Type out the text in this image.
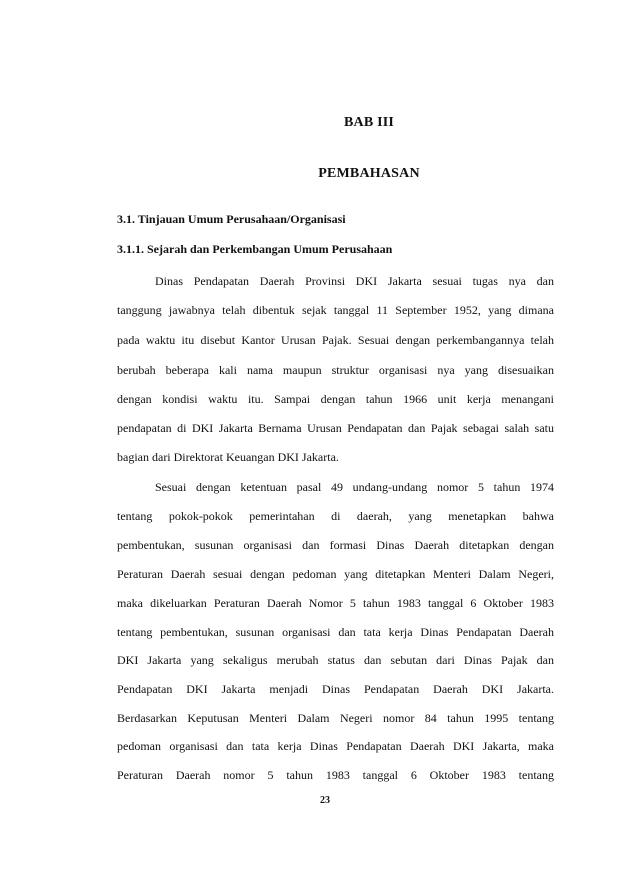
BAB III
PEMBAHASAN
3.1. Tinjauan Umum Perusahaan/Organisasi
3.1.1. Sejarah dan Perkembangan Umum Perusahaan
Dinas Pendapatan Daerah Provinsi DKI Jakarta sesuai tugas nya dan
tanggung jawabnya telah dibentuk sejak tanggal 11 September 1952, yang dimana
pada waktu itu disebut Kantor Urusan Pajak. Sesuai dengan perkembangannya telah
berubah beberapa kali nama maupun struktur organisasi nya yang disesuaikan
dengan kondisi waktu itu. Sampai dengan tahun 1966 unit kerja menangani
pendapatan di DKI Jakarta Bernama Urusan Pendapatan dan Pajak sebagai salah satu
bagian dari Direktorat Keuangan DKI Jakarta.
Sesuai dengan ketentuan pasal 49 undang-undang nomor 5 tahun 1974
tentang pokok-pokok pemerintahan di daerah, yang menetapkan bahwa
pembentukan, susunan organisasi dan formasi Dinas Daerah ditetapkan dengan
Peraturan Daerah sesuai dengan pedoman yang ditetapkan Menteri Dalam Negeri,
maka dikeluarkan Peraturan Daerah Nomor 5 tahun 1983 tanggal 6 Oktober 1983
tentang pembentukan, susunan organisasi dan tata kerja Dinas Pendapatan Daerah
DKI Jakarta yang sekaligus merubah status dan sebutan dari Dinas Pajak dan
Pendapatan DKI Jakarta menjadi Dinas Pendapatan Daerah DKI Jakarta.
Berdasarkan Keputusan Menteri Dalam Negeri nomor 84 tahun 1995 tentang
pedoman organisasi dan tata kerja Dinas Pendapatan Daerah DKI Jakarta, maka
Peraturan Daerah nomor 5 tahun 1983 tanggal 6 Oktober 1983 tentang
23
